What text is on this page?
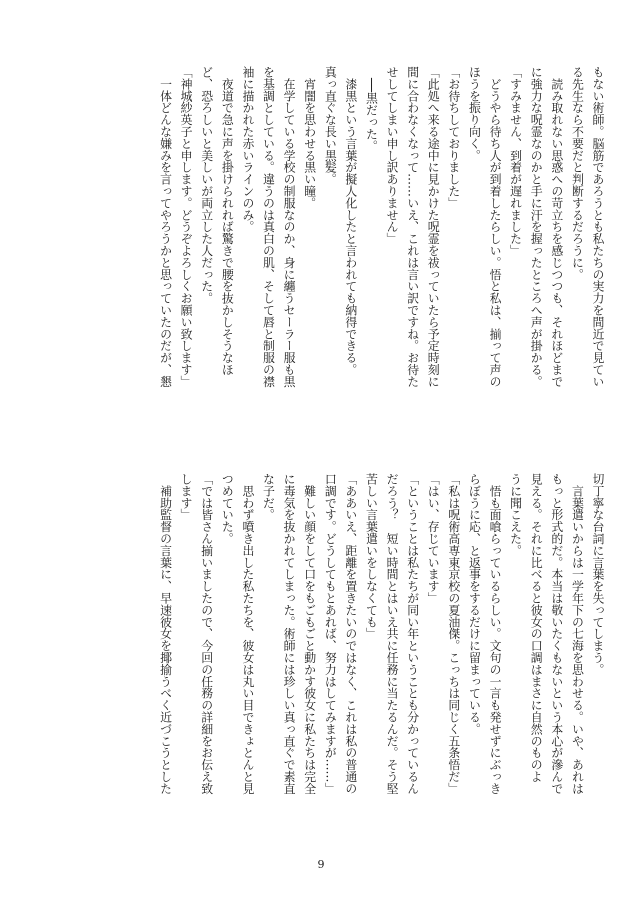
もない術師。脳筋であろうとも私たちの実力を間近で見てい

る先生なら不要だと判断するだろうに。

　読み取れない思惑への苛立ちを感じつつも、それほどまで

に強力な呪霊なのかと手に汗を握ったところへ声が掛かる。

「すみません、到着が遅れました」

　どうやら待ち人が到着したらしい。悟と私は、揃って声の

ほうを振り向く。

「お待ちしておりました」

「此処へ来る途中に見かけた呪霊を祓っていたら予定時刻に

間に合わなくなって……いえ、これは言い訳ですね。お待た

せしてしまい申し訳ありません」

　──黒だった。

　漆黒という言葉が擬人化したと言われても納得できる。

真っ直ぐな長い黒髪。

　宵闇を思わせる黒い瞳。

　在学している学校の制服なのか、身に纏うセーラー服も黒

を基調としている。違うのは真白の肌、そして唇と制服の襟

袖に描かれた赤いラインのみ。

　夜道で急に声を掛けられれば驚きで腰を抜かしそうなほ

ど、恐ろしいと美しいが両立した人だった。

「神城紗英子と申します。どうぞよろしくお願い致します」

　一体どんな嫌みを言ってやろうかと思っていたのだが、懇

切丁寧な台詞に言葉を失ってしまう。

　言葉遣いからは一学年下の七海を思わせる。いや、あれは

もっと形式的だ。本当は敬いたくもないという本心が滲んで

見える。それに比べると彼女の口調はまさに自然のものよ

うに聞こえた。

　悟も面喰らっているらしい。文句の一言も発せずにぶっき

らぼうに応、と返事をするだけに留まっている。

「私は呪術高専東京校の夏油傑。こっちは同じく五条悟だ」

「はい、存じています」

「ということは私たちが同い年ということも分かっているん

だろう？　短い時間とはいえ共に任務に当たるんだ。そう堅

苦しい言葉遣いをしなくても」

「ああいえ、距離を置きたいのではなく、これは私の普通の

口調です。どうしてもとあれば、努力はしてみますが……」

　難しい顔をして口をもごもごと動かす彼女に私たちは完全

に毒気を抜かれてしまった。術師には珍しい真っ直ぐで素直

な子だ。

　思わず噴き出した私たちを、彼女は丸い目できょとんと見

つめていた。

「では皆さん揃いましたので、今回の任務の詳細をお伝え致

します」

　補助監督の言葉に、早速彼女を揶揄うべく近づこうとした

9
